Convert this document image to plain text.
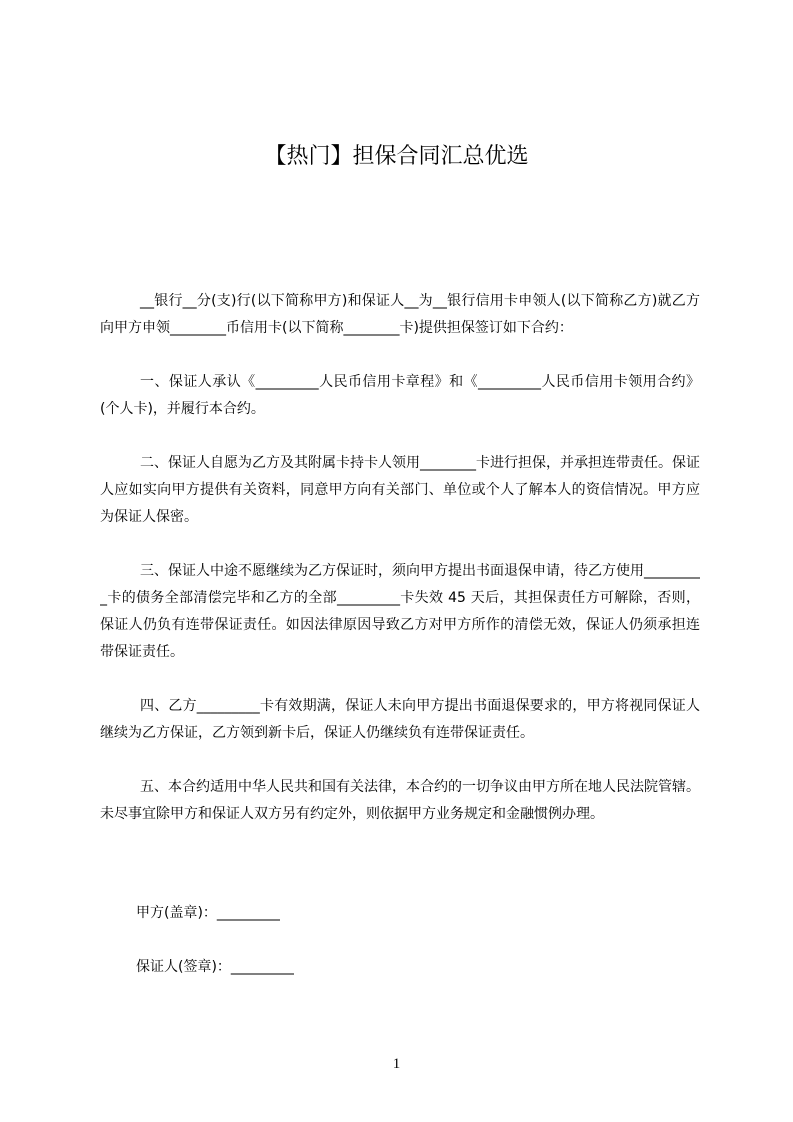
【热门】担保合同汇总优选

__银行__分(支)行(以下简称甲方)和保证人__为__银行信用卡申领人(以下简称乙方)就乙方向甲方申领________币信用卡(以下简称________卡)提供担保签订如下合约：

一、保证人承认《_________人民币信用卡章程》和《_________人民币信用卡领用合约》(个人卡)，并履行本合约。

二、保证人自愿为乙方及其附属卡持卡人领用________卡进行担保，并承担连带责任。保证人应如实向甲方提供有关资料，同意甲方向有关部门、单位或个人了解本人的资信情况。甲方应为保证人保密。

三、保证人中途不愿继续为乙方保证时，须向甲方提出书面退保申请，待乙方使用_________卡的债务全部清偿完毕和乙方的全部_________卡失效 45 天后，其担保责任方可解除，否则，保证人仍负有连带保证责任。如因法律原因导致乙方对甲方所作的清偿无效，保证人仍须承担连带保证责任。

四、乙方_________卡有效期满，保证人未向甲方提出书面退保要求的，甲方将视同保证人继续为乙方保证，乙方领到新卡后，保证人仍继续负有连带保证责任。

五、本合约适用中华人民共和国有关法律，本合约的一切争议由甲方所在地人民法院管辖。未尽事宜除甲方和保证人双方另有约定外，则依据甲方业务规定和金融惯例办理。

甲方(盖章)：_________
保证人(签章)：_________
1
